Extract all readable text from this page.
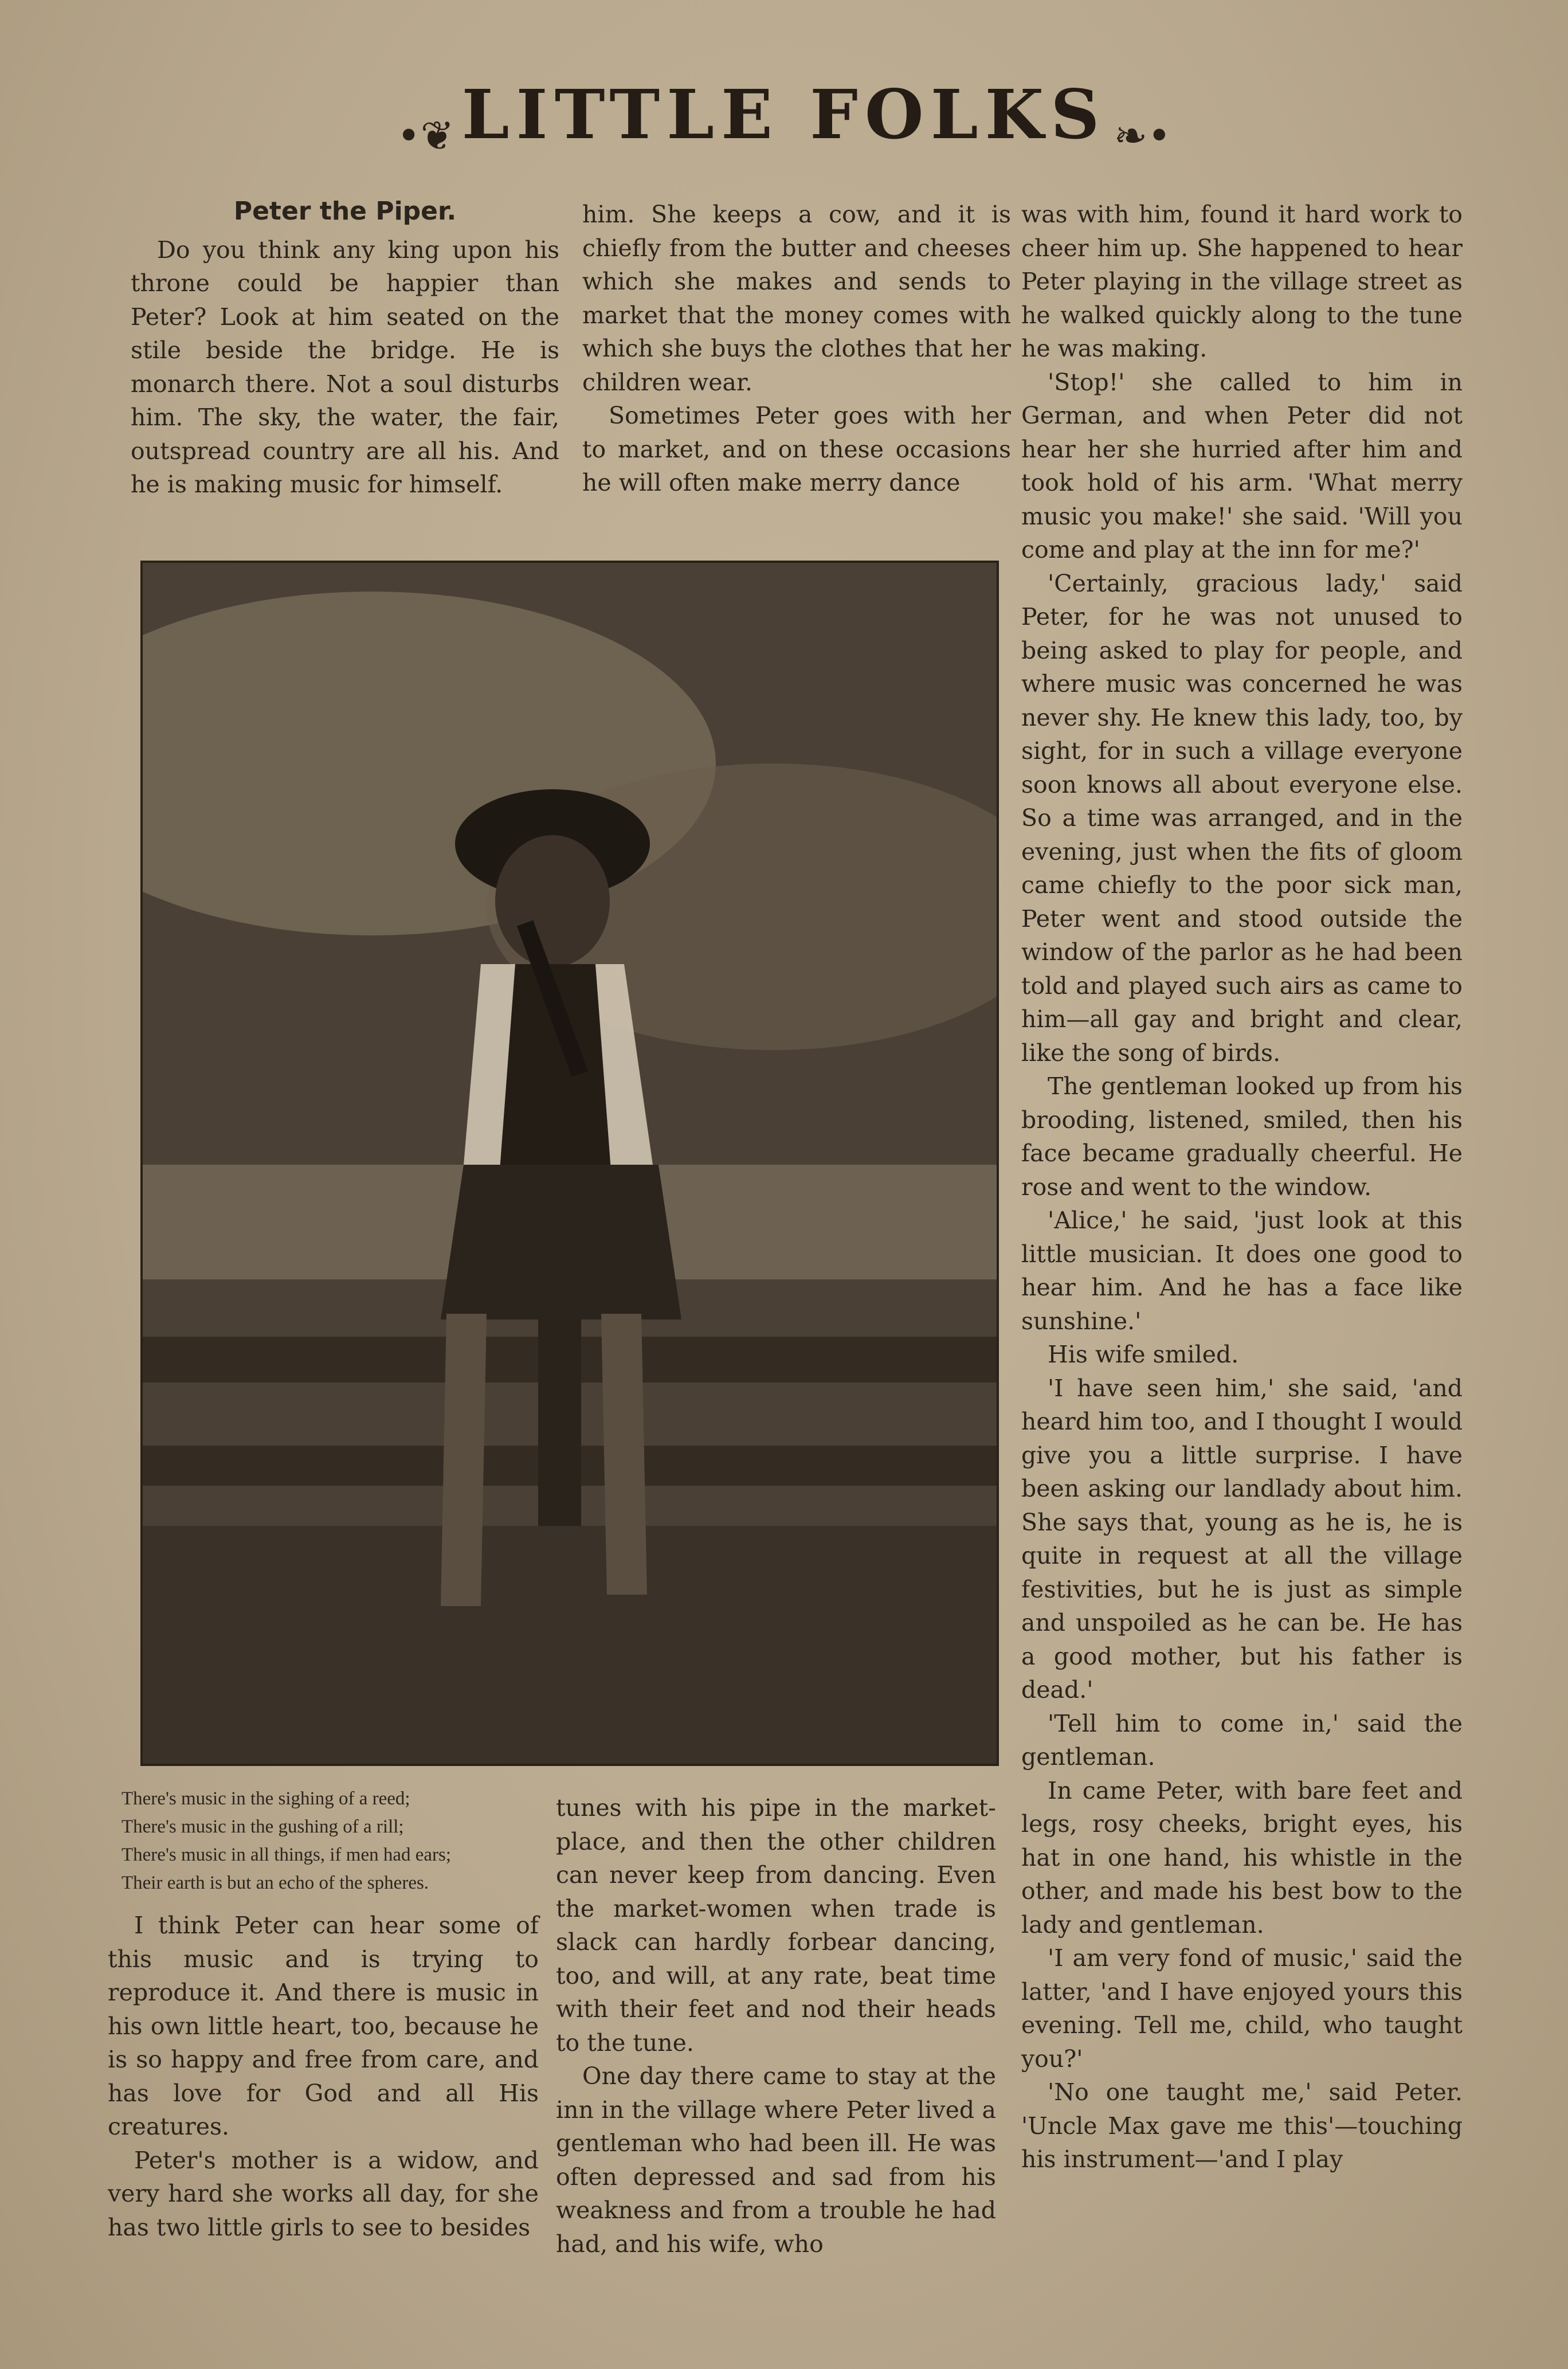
•❦ LITTLE FOLKS ❧•
Peter the Piper.

Do you think any king upon his throne could be happier than Peter? Look at him seated on the stile beside the bridge. He is monarch there. Not a soul disturbs him. The sky, the water, the fair, outspread country are all his. And he is making music for himself.

him. She keeps a cow, and it is chiefly from the butter and cheeses which she makes and sends to market that the money comes with which she buys the clothes that her children wear.

Sometimes Peter goes with her to market, and on these occasions he will often make merry dance

There's music in the sighing of a reed;
There's music in the gushing of a rill;
There's music in all things, if men had ears;
Their earth is but an echo of the spheres.

I think Peter can hear some of this music and is trying to reproduce it. And there is music in his own little heart, too, because he is so happy and free from care, and has love for God and all His creatures.

Peter's mother is a widow, and very hard she works all day, for she has two little girls to see to besides

tunes with his pipe in the market-place, and then the other children can never keep from dancing. Even the market-women when trade is slack can hardly forbear dancing, too, and will, at any rate, beat time with their feet and nod their heads to the tune.

One day there came to stay at the inn in the village where Peter lived a gentleman who had been ill. He was often depressed and sad from his weakness and from a trouble he had had, and his wife, who

was with him, found it hard work to cheer him up. She happened to hear Peter playing in the village street as he walked quickly along to the tune he was making.

'Stop!' she called to him in German, and when Peter did not hear her she hurried after him and took hold of his arm. 'What merry music you make!' she said. 'Will you come and play at the inn for me?'

'Certainly, gracious lady,' said Peter, for he was not unused to being asked to play for people, and where music was concerned he was never shy. He knew this lady, too, by sight, for in such a village everyone soon knows all about everyone else. So a time was arranged, and in the evening, just when the fits of gloom came chiefly to the poor sick man, Peter went and stood outside the window of the parlor as he had been told and played such airs as came to him—all gay and bright and clear, like the song of birds.

The gentleman looked up from his brooding, listened, smiled, then his face became gradually cheerful. He rose and went to the window.

'Alice,' he said, 'just look at this little musician. It does one good to hear him. And he has a face like sunshine.'

His wife smiled.

'I have seen him,' she said, 'and heard him too, and I thought I would give you a little surprise. I have been asking our landlady about him. She says that, young as he is, he is quite in request at all the village festivities, but he is just as simple and unspoiled as he can be. He has a good mother, but his father is dead.'

'Tell him to come in,' said the gentleman.

In came Peter, with bare feet and legs, rosy cheeks, bright eyes, his hat in one hand, his whistle in the other, and made his best bow to the lady and gentleman.

'I am very fond of music,' said the latter, 'and I have enjoyed yours this evening. Tell me, child, who taught you?'

'No one taught me,' said Peter. 'Uncle Max gave me this'—touching his instrument—'and I play
